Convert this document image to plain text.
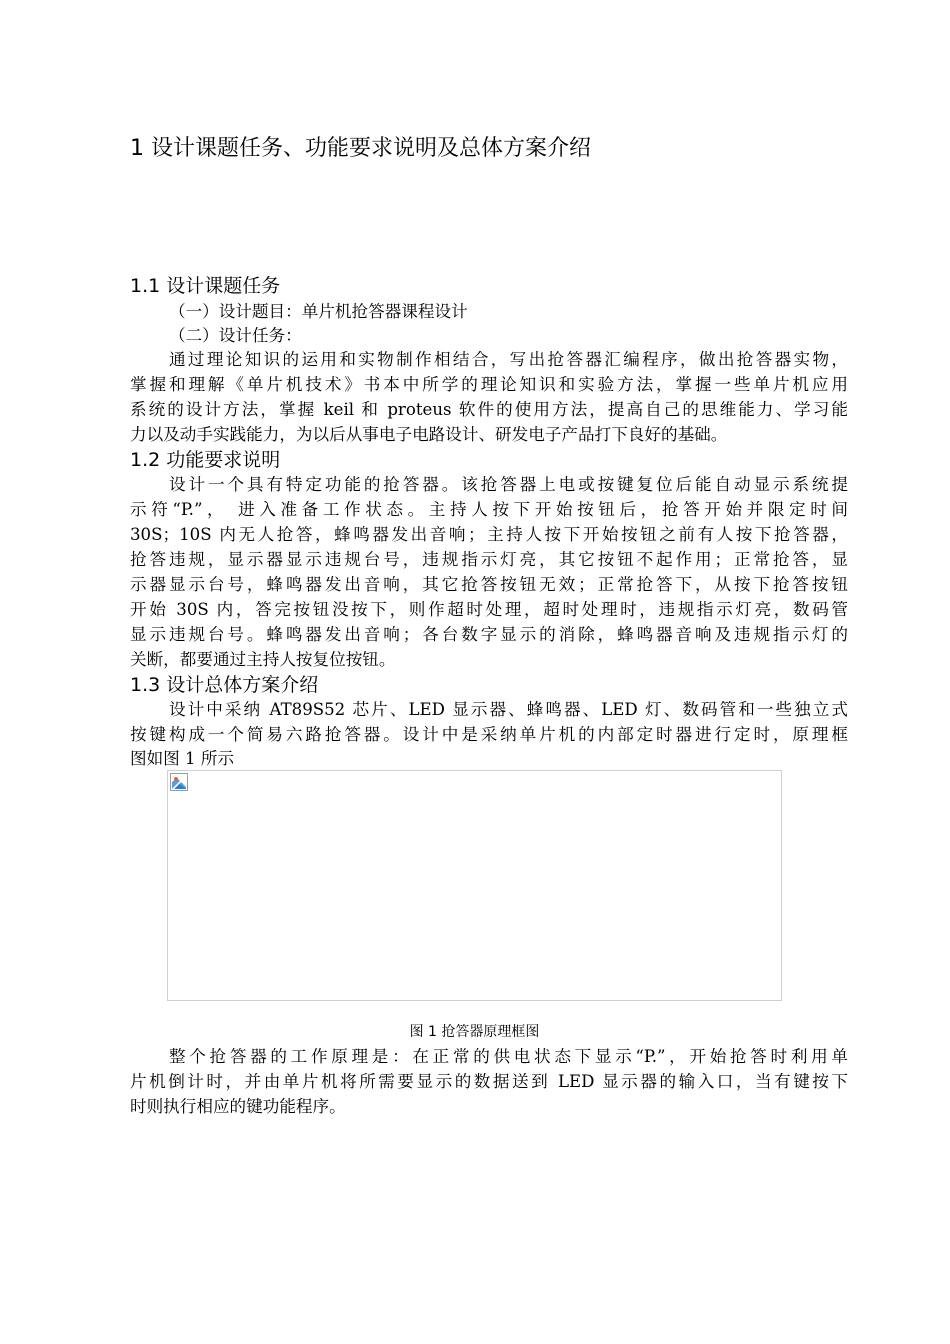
1 设计课题任务、功能要求说明及总体方案介绍
1.1 设计课题任务
（一）设计题目：单片机抢答器课程设计
（二）设计任务：
通过理论知识的运用和实物制作相结合，写出抢答器汇编程序，做出抢答器实物，
掌握和理解《单片机技术》书本中所学的理论知识和实验方法，掌握一些单片机应用
系统的设计方法，掌握 keil 和 proteus 软件的使用方法，提高自己的思维能力、学习能
力以及动手实践能力，为以后从事电子电路设计、研发电子产品打下良好的基础。
1.2 功能要求说明
设计一个具有特定功能的抢答器。该抢答器上电或按键复位后能自动显示系统提
示符“P.”， 进入准备工作状态。主持人按下开始按钮后，抢答开始并限定时间
30S；10S 内无人抢答，蜂鸣器发出音响；主持人按下开始按钮之前有人按下抢答器，
抢答违规，显示器显示违规台号，违规指示灯亮，其它按钮不起作用；正常抢答，显
示器显示台号，蜂鸣器发出音响，其它抢答按钮无效；正常抢答下，从按下抢答按钮
开始 30S 内，答完按钮没按下，则作超时处理，超时处理时，违规指示灯亮，数码管
显示违规台号。蜂鸣器发出音响；各台数字显示的消除，蜂鸣器音响及违规指示灯的
关断，都要通过主持人按复位按钮。
1.3 设计总体方案介绍
设计中采纳 AT89S52 芯片、LED 显示器、蜂鸣器、LED 灯、数码管和一些独立式
按键构成一个简易六路抢答器。设计中是采纳单片机的内部定时器进行定时，原理框
图如图 1 所示
图 1 抢答器原理框图
整个抢答器的工作原理是：在正常的供电状态下显示“P.”，开始抢答时利用单
片机倒计时，并由单片机将所需要显示的数据送到 LED 显示器的输入口，当有键按下
时则执行相应的键功能程序。
